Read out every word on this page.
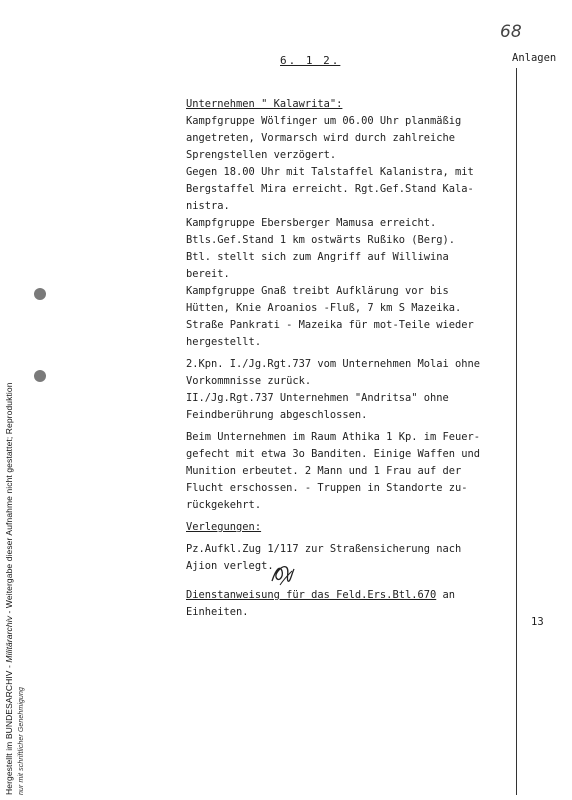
Hergestellt im BUNDESARCHIV - Militärarchiv - Weitergabe dieser Aufnahme nicht gestattet; Reproduktion
nur mit schriftlicher Genehmigung
68
Anlagen
13
6. 1 2.
Unternehmen " Kalawrita":
Kampfgruppe Wölfinger um 06.00 Uhr planmäßig
angetreten, Vormarsch wird durch zahlreiche
Sprengstellen verzögert.
Gegen 18.00 Uhr mit Talstaffel Kalanistra, mit
Bergstaffel Mira erreicht. Rgt.Gef.Stand Kala-
nistra.
Kampfgruppe Ebersberger Mamusa erreicht.
Btls.Gef.Stand 1 km ostwärts Rußiko (Berg).
Btl. stellt sich zum Angriff auf Williwina
bereit.
Kampfgruppe Gnaß treibt Aufklärung vor bis
Hütten, Knie Aroanios -Fluß, 7 km S Mazeika.
Straße Pankrati - Mazeika für mot-Teile wieder
hergestellt.
2.Kpn. I./Jg.Rgt.737 vom Unternehmen Molai ohne
Vorkommnisse zurück.
II./Jg.Rgt.737 Unternehmen "Andritsa" ohne
Feindberührung abgeschlossen.
Beim Unternehmen im Raum Athika 1 Kp. im Feuer-
gefecht mit etwa 3o Banditen. Einige Waffen und
Munition erbeutet. 2 Mann und 1 Frau auf der
Flucht erschossen. - Truppen in Standorte zu-
rückgekehrt.
Verlegungen:
Pz.Aufkl.Zug 1/117 zur Straßensicherung nach
Ajion verlegt.
Dienstanweisung für das Feld.Ers.Btl.670 an
Einheiten.
